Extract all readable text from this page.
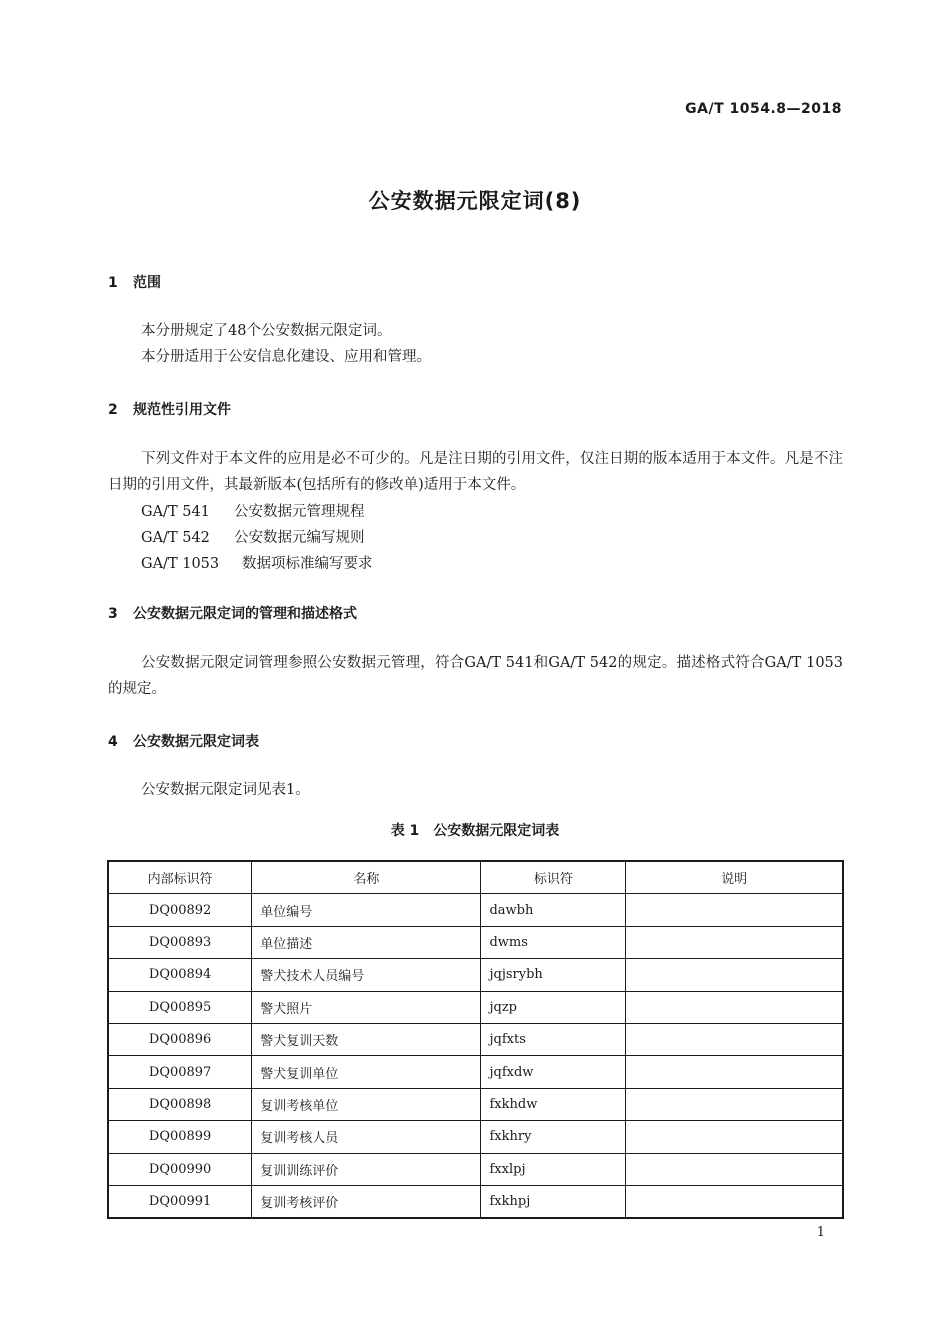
GA/T 1054.8—2018
公安数据元限定词(8)
1 范围
本分册规定了48个公安数据元限定词。
本分册适用于公安信息化建设、应用和管理。
2 规范性引用文件
下列文件对于本文件的应用是必不可少的。凡是注日期的引用文件，仅注日期的版本适用于本文件。凡是不注日期的引用文件，其最新版本(包括所有的修改单)适用于本文件。
GA/T 541 公安数据元管理规程
GA/T 542 公安数据元编写规则
GA/T 1053 数据项标准编写要求
3 公安数据元限定词的管理和描述格式
公安数据元限定词管理参照公安数据元管理，符合GA/T 541和GA/T 542的规定。描述格式符合GA/T 1053的规定。
4 公安数据元限定词表
公安数据元限定词见表1。
表 1　公安数据元限定词表
内部标识符	名称	标识符	说明
DQ00892	单位编号	dawbh	
DQ00893	单位描述	dwms	
DQ00894	警犬技术人员编号	jqjsrybh	
DQ00895	警犬照片	jqzp	
DQ00896	警犬复训天数	jqfxts	
DQ00897	警犬复训单位	jqfxdw	
DQ00898	复训考核单位	fxkhdw	
DQ00899	复训考核人员	fxkhry	
DQ00990	复训训练评价	fxxlpj	
DQ00991	复训考核评价	fxkhpj	
1
